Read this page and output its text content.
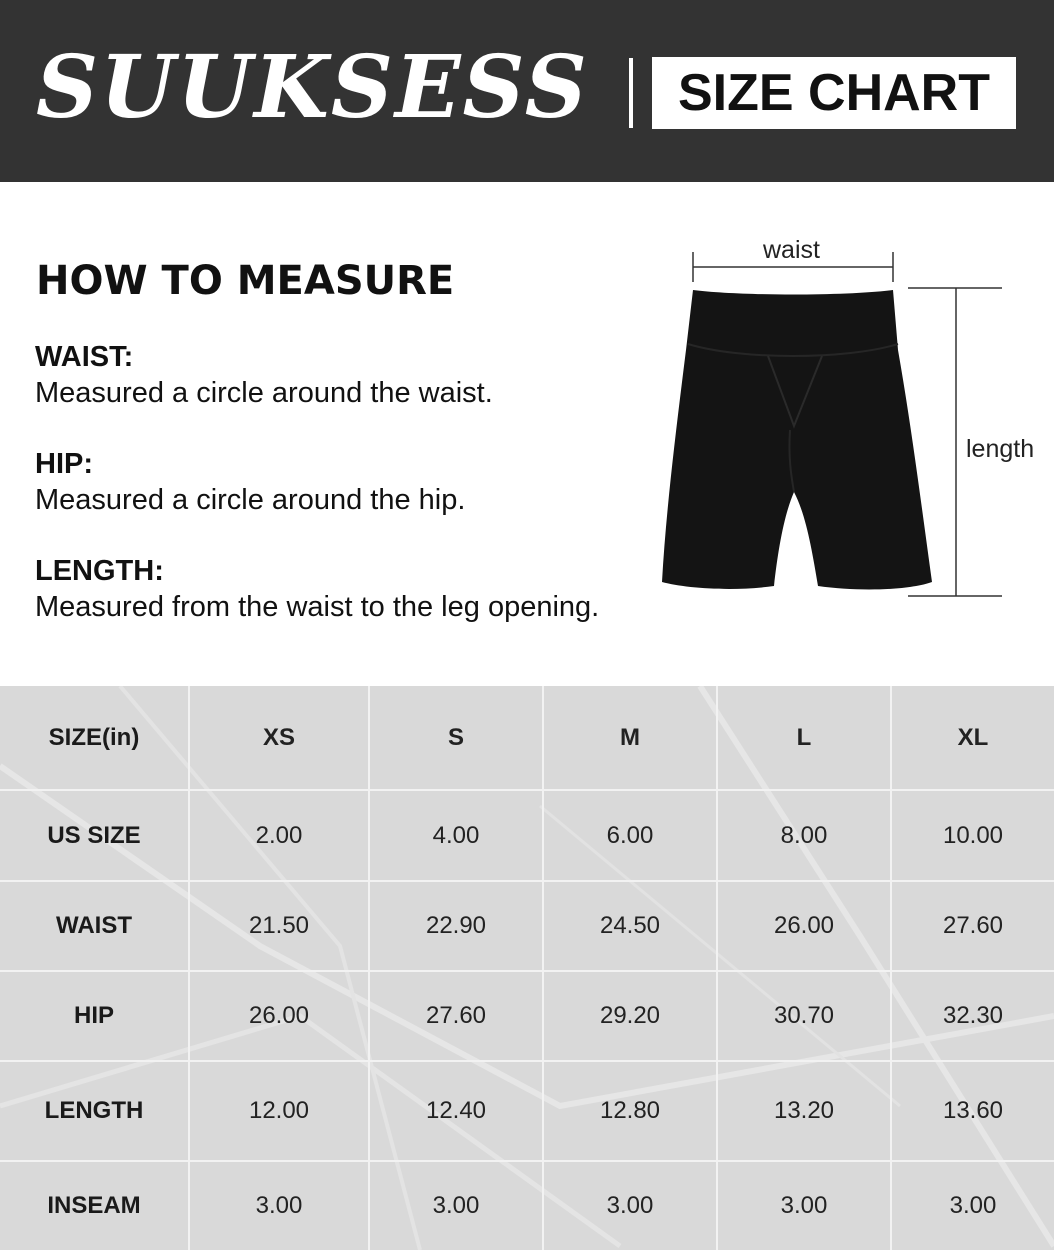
SUUKSESS	SIZE CHART
HOW TO MEASURE
WAIST:
Measured a circle around the waist.
HIP:
Measured a circle around the hip.
LENGTH:
Measured from the waist to the leg opening.
waist
length
SIZE(in)	XS	S	M	L	XL
US SIZE	2.00	4.00	6.00	8.00	10.00
WAIST	21.50	22.90	24.50	26.00	27.60
HIP	26.00	27.60	29.20	30.70	32.30
LENGTH	12.00	12.40	12.80	13.20	13.60
INSEAM	3.00	3.00	3.00	3.00	3.00
